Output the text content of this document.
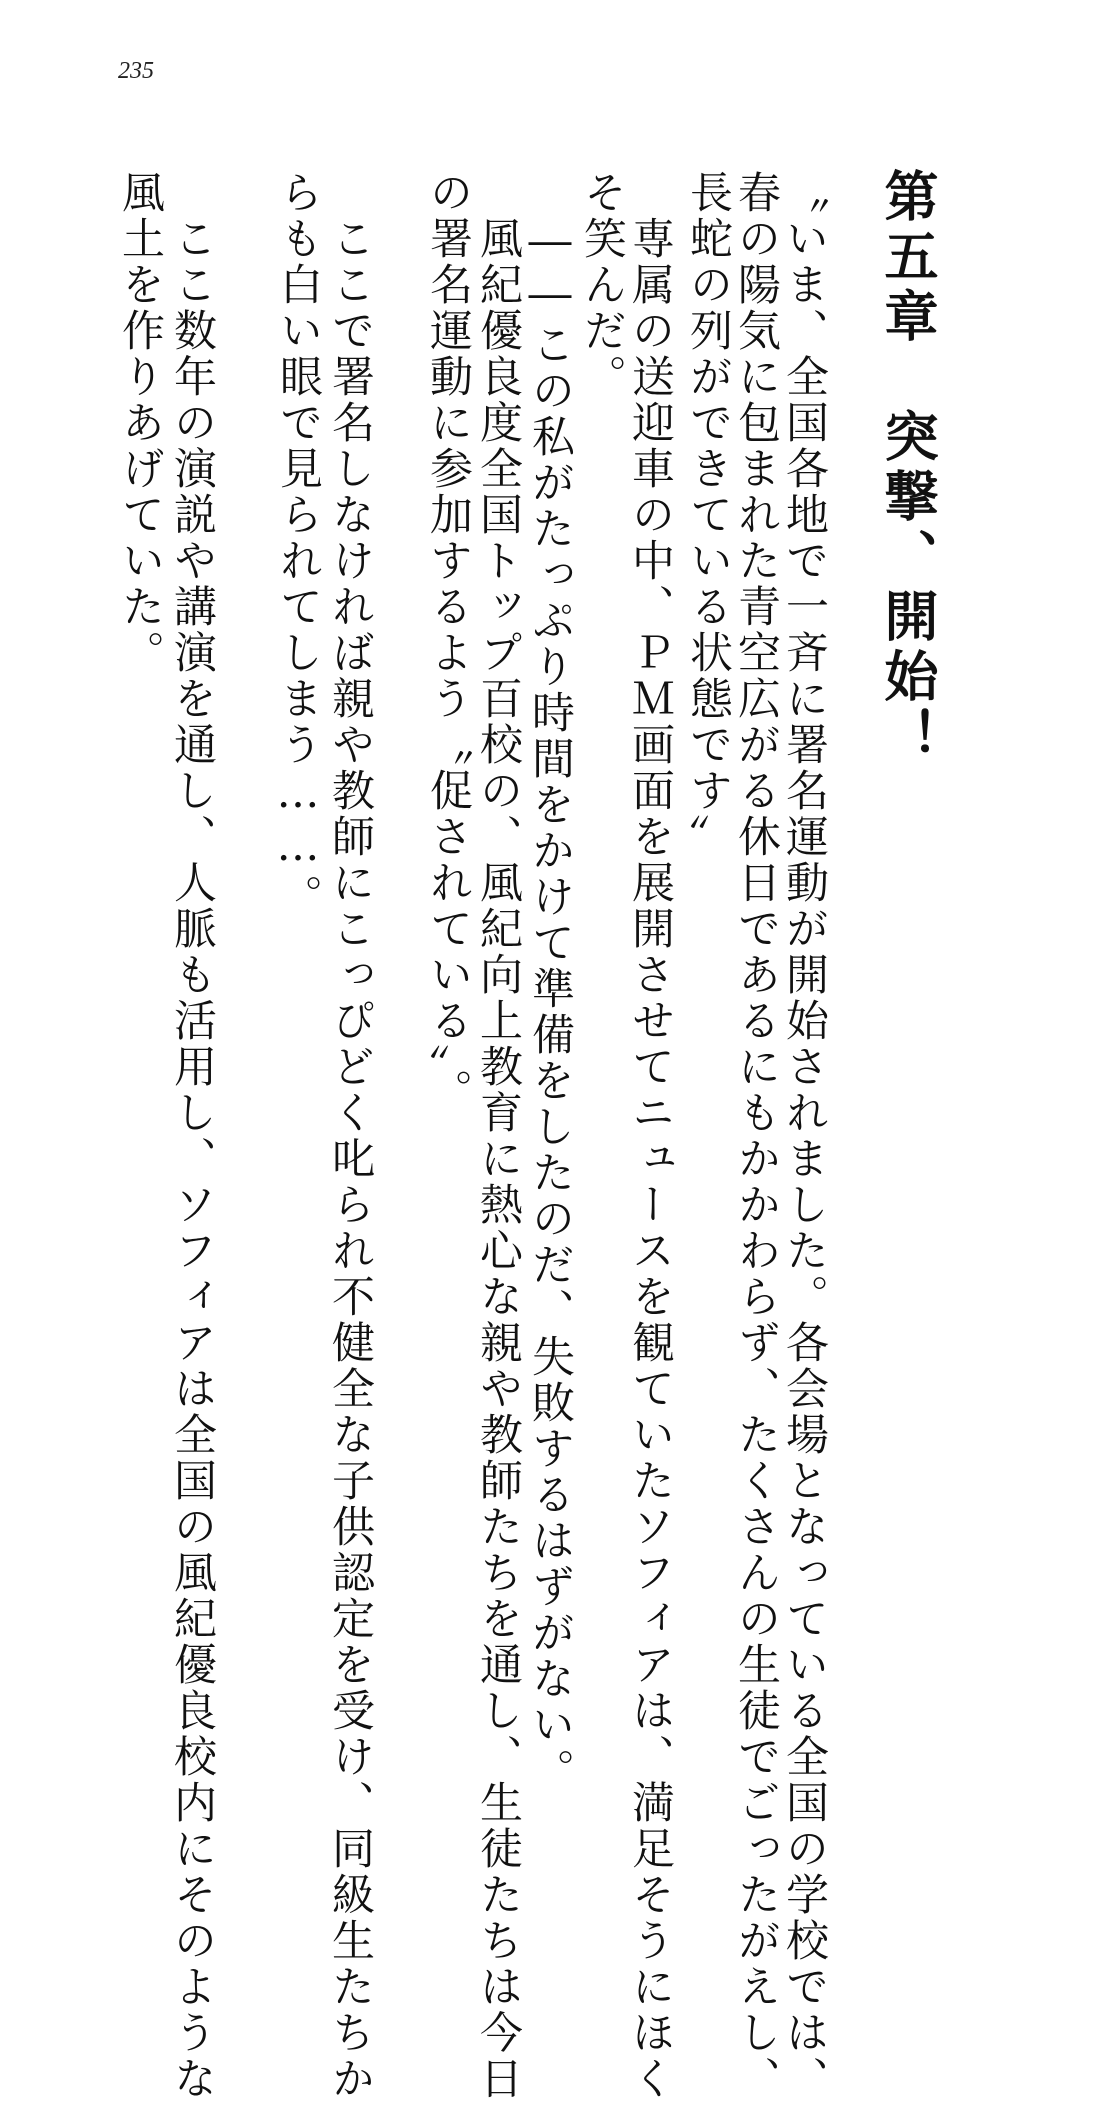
235

第五章　突撃、開始！

〝いま、全国各地で一斉に署名運動が開始されました。各会場となっている全国の学校では、

春の陽気に包まれた青空広がる休日であるにもかかわらず、たくさんの生徒でごったがえし、

長蛇の列ができている状態です〟

　専属の送迎車の中、ＰＭ画面を展開させてニュースを観ていたソフィアは、満足そうにほく

そ笑んだ。

　――この私がたっぷり時間をかけて準備をしたのだ、失敗するはずがない。

　風紀優良度全国トップ百校の、風紀向上教育に熱心な親や教師たちを通し、生徒たちは今日

の署名運動に参加するよう〝促されている〟。

　ここで署名しなければ親や教師にこっぴどく叱られ不健全な子供認定を受け、同級生たちか

らも白い眼で見られてしまう……。

　ここ数年の演説や講演を通し、人脈も活用し、ソフィアは全国の風紀優良校内にそのような

風土を作りあげていた。
